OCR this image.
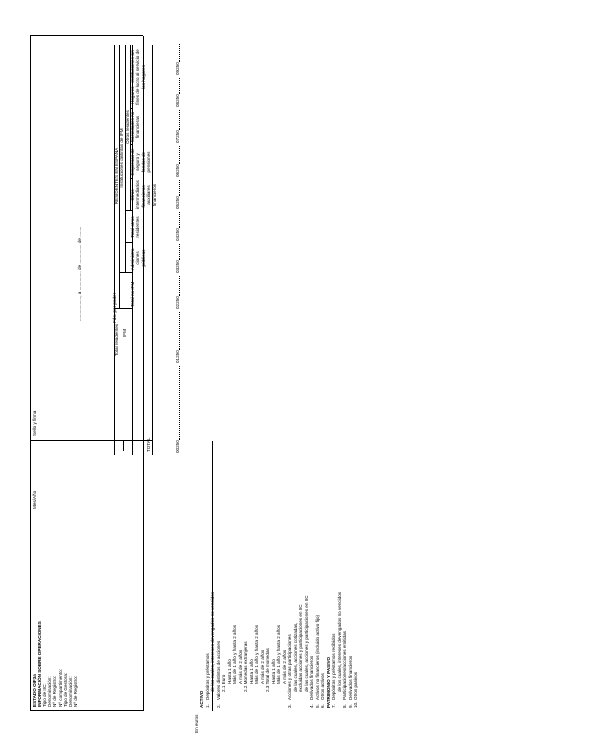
ESTADO OIF3a INFORMACIÓN SOBRE OPERACIONES
Mes/Año
Sello y firma
Tipo de IIC: Denominación: Nº de Registro: Nº compartimento: Tipo de Gestora: Denominación: Nº de Registro:
..................., a ............... de ............... de ........	Fdo. por poder
Total residentes IFM
Total no IFM
RESIDENTES EN ESPAÑA Instituciones distintas de IFM
Otros residentes
Administra - ciones públicas
Total otros residentes
Otros intermediarios financieros - auxiliares financieros
Empresas de seguro y fondos de pensiones
Sociedades no financieras
Hogares - instituciones sin fines de lucro al servicio de los hogares
TOTAL
ACTIVO 1.
Depósitos y préstamos de los cuales, intereses devengados no vencidos
2.
Valores distintos de acciones 2.1 Euro Hasta 1 año Más de 1 año y hasta 2 años A más de 2 años 2.2 Monedas extranjeras Hasta 1 año Más de 1 año y hasta 2 años A más de 2 años 2.3 Total de monedas Hasta 1 año Más de 1 año y hasta 2 años A más de 2 años
3.
Acciones y otras participaciones de las cuales, acciones cotizadas, excluidas acciones y participaciones en IIC de las cuales, acciones y participaciones en IIC
4.
Derivados financieros
5.
Activos no financieros (incluido activo fijo)
6.
Otros activos PATRIMONIO Y PASIVO 7.
Depósitos y préstamos recibidos de los cuales, intereses devengados no vencidos
8.
Participaciones/acciones emitidas
9.
Derivados financieros
10.
Otros pasivos
En euros
00250
01250
02250
03250
04250
05250
06250
07250
08250
09250
